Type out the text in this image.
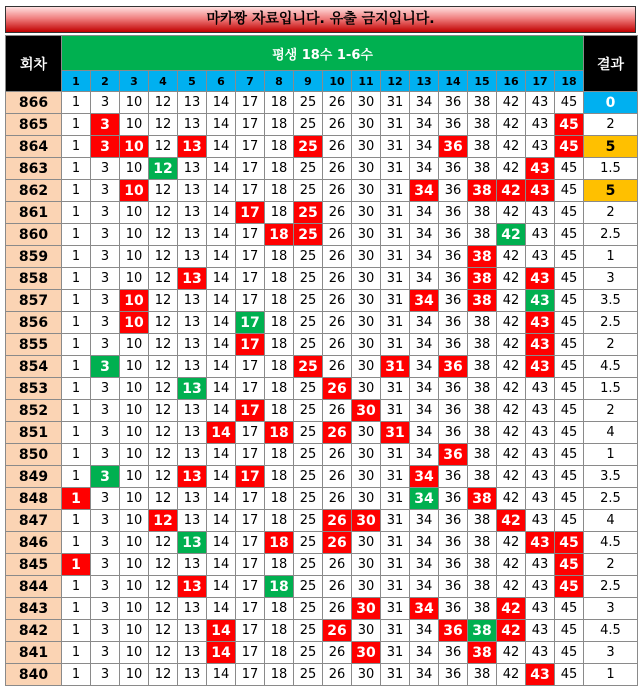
마카짱 자료입니다. 유출 금지입니다.
회차	평생 18수 1-6수																		결과
	1	2	3	4	5	6	7	8	9	10	11	12	13	14	15	16	17	18	
866	1	3	10	12	13	14	17	18	25	26	30	31	34	36	38	42	43	45	0
865	1	3	10	12	13	14	17	18	25	26	30	31	34	36	38	42	43	45	2
864	1	3	10	12	13	14	17	18	25	26	30	31	34	36	38	42	43	45	5
863	1	3	10	12	13	14	17	18	25	26	30	31	34	36	38	42	43	45	1.5
862	1	3	10	12	13	14	17	18	25	26	30	31	34	36	38	42	43	45	5
861	1	3	10	12	13	14	17	18	25	26	30	31	34	36	38	42	43	45	2
860	1	3	10	12	13	14	17	18	25	26	30	31	34	36	38	42	43	45	2.5
859	1	3	10	12	13	14	17	18	25	26	30	31	34	36	38	42	43	45	1
858	1	3	10	12	13	14	17	18	25	26	30	31	34	36	38	42	43	45	3
857	1	3	10	12	13	14	17	18	25	26	30	31	34	36	38	42	43	45	3.5
856	1	3	10	12	13	14	17	18	25	26	30	31	34	36	38	42	43	45	2.5
855	1	3	10	12	13	14	17	18	25	26	30	31	34	36	38	42	43	45	2
854	1	3	10	12	13	14	17	18	25	26	30	31	34	36	38	42	43	45	4.5
853	1	3	10	12	13	14	17	18	25	26	30	31	34	36	38	42	43	45	1.5
852	1	3	10	12	13	14	17	18	25	26	30	31	34	36	38	42	43	45	2
851	1	3	10	12	13	14	17	18	25	26	30	31	34	36	38	42	43	45	4
850	1	3	10	12	13	14	17	18	25	26	30	31	34	36	38	42	43	45	1
849	1	3	10	12	13	14	17	18	25	26	30	31	34	36	38	42	43	45	3.5
848	1	3	10	12	13	14	17	18	25	26	30	31	34	36	38	42	43	45	2.5
847	1	3	10	12	13	14	17	18	25	26	30	31	34	36	38	42	43	45	4
846	1	3	10	12	13	14	17	18	25	26	30	31	34	36	38	42	43	45	4.5
845	1	3	10	12	13	14	17	18	25	26	30	31	34	36	38	42	43	45	2
844	1	3	10	12	13	14	17	18	25	26	30	31	34	36	38	42	43	45	2.5
843	1	3	10	12	13	14	17	18	25	26	30	31	34	36	38	42	43	45	3
842	1	3	10	12	13	14	17	18	25	26	30	31	34	36	38	42	43	45	4.5
841	1	3	10	12	13	14	17	18	25	26	30	31	34	36	38	42	43	45	3
840	1	3	10	12	13	14	17	18	25	26	30	31	34	36	38	42	43	45	1
